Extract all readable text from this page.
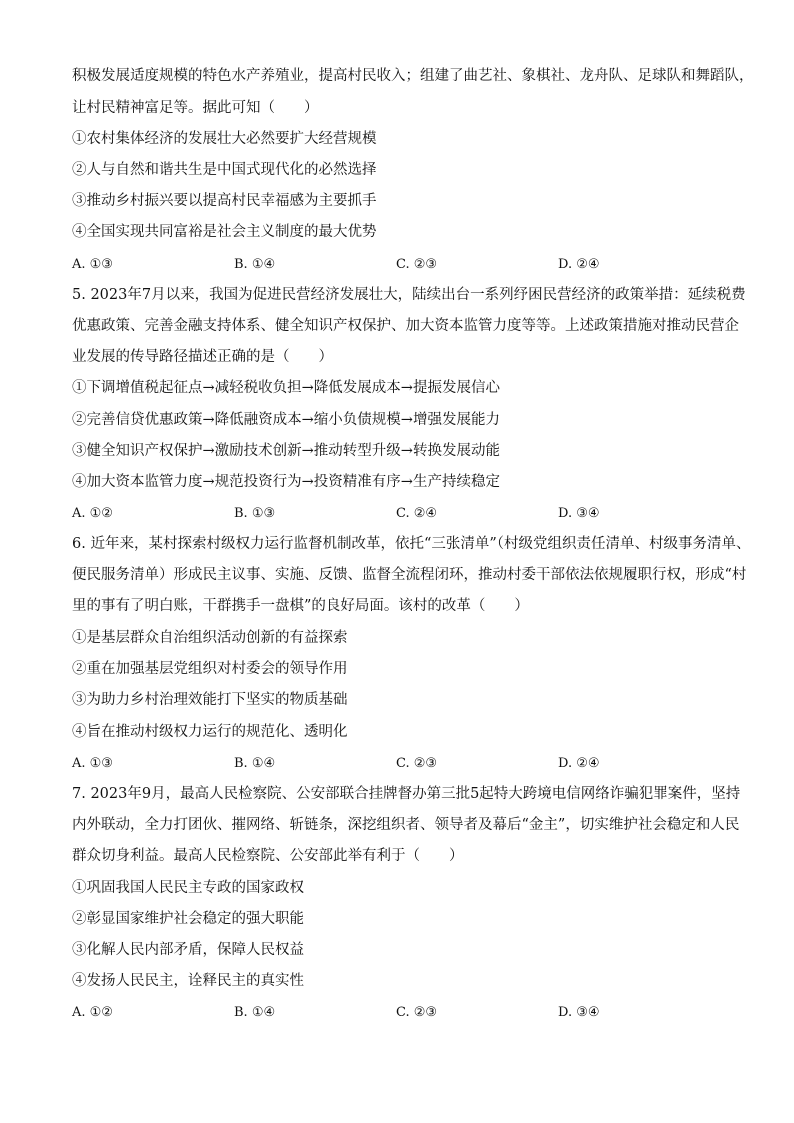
积极发展适度规模的特色水产养殖业，提高村民收入；组建了曲艺社、象棋社、龙舟队、足球队和舞蹈队，
让村民精神富足等。据此可知（　　）
①农村集体经济的发展壮大必然要扩大经营规模
②人与自然和谐共生是中国式现代化的必然选择
③推动乡村振兴要以提高村民幸福感为主要抓手
④全国实现共同富裕是社会主义制度的最大优势
A. ①③	B. ①④	C. ②③	D. ②④
5. 2023年7月以来，我国为促进民营经济发展壮大，陆续出台一系列纾困民营经济的政策举措：延续税费
优惠政策、完善金融支持体系、健全知识产权保护、加大资本监管力度等等。上述政策措施对推动民营企
业发展的传导路径描述正确的是（　　）
①下调增值税起征点→减轻税收负担→降低发展成本→提振发展信心
②完善信贷优惠政策→降低融资成本→缩小负债规模→增强发展能力
③健全知识产权保护→激励技术创新→推动转型升级→转换发展动能
④加大资本监管力度→规范投资行为→投资精准有序→生产持续稳定
A. ①②	B. ①③	C. ②④	D. ③④
6. 近年来，某村探索村级权力运行监督机制改革，依托“三张清单”（村级党组织责任清单、村级事务清单、
便民服务清单）形成民主议事、实施、反馈、监督全流程闭环，推动村委干部依法依规履职行权，形成“村
里的事有了明白账，干群携手一盘棋”的良好局面。该村的改革（　　）
①是基层群众自治组织活动创新的有益探索
②重在加强基层党组织对村委会的领导作用
③为助力乡村治理效能打下坚实的物质基础
④旨在推动村级权力运行的规范化、透明化
A. ①③	B. ①④	C. ②③	D. ②④
7. 2023年9月，最高人民检察院、公安部联合挂牌督办第三批5起特大跨境电信网络诈骗犯罪案件，坚持
内外联动，全力打团伙、摧网络、斩链条，深挖组织者、领导者及幕后“金主”，切实维护社会稳定和人民
群众切身利益。最高人民检察院、公安部此举有利于（　　）
①巩固我国人民民主专政的国家政权
②彰显国家维护社会稳定的强大职能
③化解人民内部矛盾，保障人民权益
④发扬人民民主，诠释民主的真实性
A. ①②	B. ①④	C. ②③	D. ③④
